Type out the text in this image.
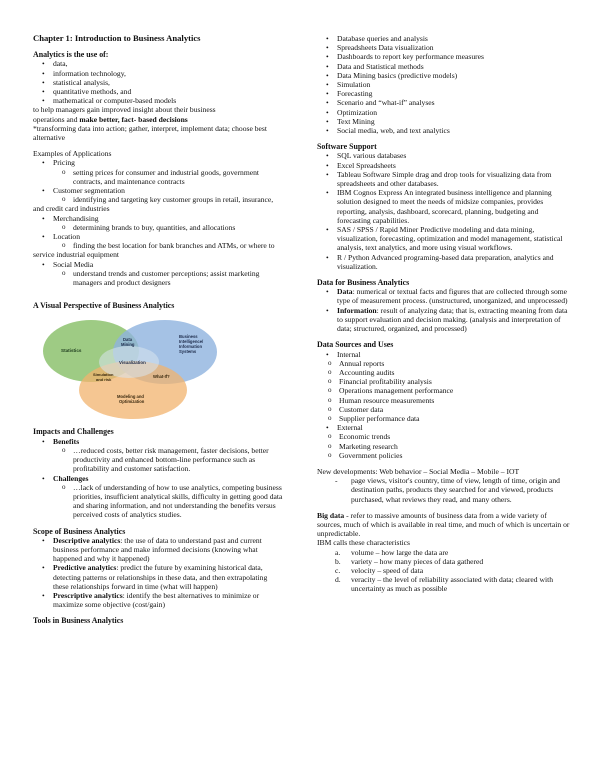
Chapter 1: Introduction to Business Analytics

Analytics is the use of:

• data,
• information technology,
• statistical analysis,
• quantitative methods, and
• mathematical or computer-based models

to help managers gain improved insight about their business

operations and make better, fact- based decisions

*transforming data into action; gather, interpret, implement data; choose best alternative

Examples of Applications

• Pricing
o setting prices for consumer and industrial goods, government contracts, and maintenance contracts
• Customer segmentation
o identifying and targeting key customer groups in retail, insurance,

and credit card industries

• Merchandising
o determining brands to buy, quantities, and allocations
• Location
o finding the best location for bank branches and ATMs, or where to

service industrial equipment

• Social Media
o understand trends and customer perceptions; assist marketing managers and product designers

A Visual Perspective of Business Analytics

Statistics
Business
Intelligence/
Information
Systems
Data
Mining
Visualization
Simulation
and risk
What-If?
Modeling and
Optimization

Impacts and Challenges

• Benefits
o …reduced costs, better risk management, faster decisions, better productivity and enhanced bottom-line performance such as profitability and customer satisfaction.
• Challenges
o …lack of understanding of how to use analytics, competing business priorities, insufficient analytical skills, difficulty in getting good data and sharing information, and not understanding the benefits versus perceived costs of analytics studies.

Scope of Business Analytics

• Descriptive analytics: the use of data to understand past and current business performance and make informed decisions (knowing what happened and why it happened)
• Predictive analytics: predict the future by examining historical data, detecting patterns or relationships in these data, and then extrapolating these relationships forward in time (what will happen)
• Prescriptive analytics: identify the best alternatives to minimize or maximize some objective (cost/gain)

Tools in Business Analytics

• Database queries and analysis
• Spreadsheets Data visualization
• Dashboards to report key performance measures
• Data and Statistical methods
• Data Mining basics (predictive models)
• Simulation
• Forecasting
• Scenario and “what-if” analyses
• Optimization
• Text Mining
• Social media, web, and text analytics

Software Support

• SQL various databases
• Excel Spreadsheets
• Tableau Software Simple drag and drop tools for visualizing data from spreadsheets and other databases.
• IBM Cognos Express An integrated business intelligence and planning solution designed to meet the needs of midsize companies, provides reporting, analysis, dashboard, scorecard, planning, budgeting and forecasting capabilities.
• SAS / SPSS / Rapid Miner Predictive modeling and data mining, visualization, forecasting, optimization and model management, statistical analysis, text analytics, and more using visual workflows.
• R / Python Advanced programing-based data preparation, analytics and visualization.

Data for Business Analytics

• Data: numerical or textual facts and figures that are collected through some type of measurement process. (unstructured, unorganized, and unprocessed)
• Information: result of analyzing data; that is, extracting meaning from data to support evaluation and decision making. (analysis and interpretation of data; structured, organized, and processed)

Data Sources and Uses

• Internal
o Annual reports
o Accounting audits
o Financial profitability analysis
o Operations management performance
o Human resource measurements
o Customer data
o Supplier performance data
• External
o Economic trends
o Marketing research
o Government policies

New developments: Web behavior – Social Media – Mobile – IOT

- page views, visitor's country, time of view, length of time, origin and destination paths, products they searched for and viewed, products purchased, what reviews they read, and many others.

Big data - refer to massive amounts of business data from a wide variety of sources, much of which is available in real time, and much of which is uncertain or unpredictable.

IBM calls these characteristics

a. volume – how large the data are
b. variety – how many pieces of data gathered
c. velocity – speed of data
d. veracity – the level of reliability associated with data; cleared with uncertainty as much as possible
